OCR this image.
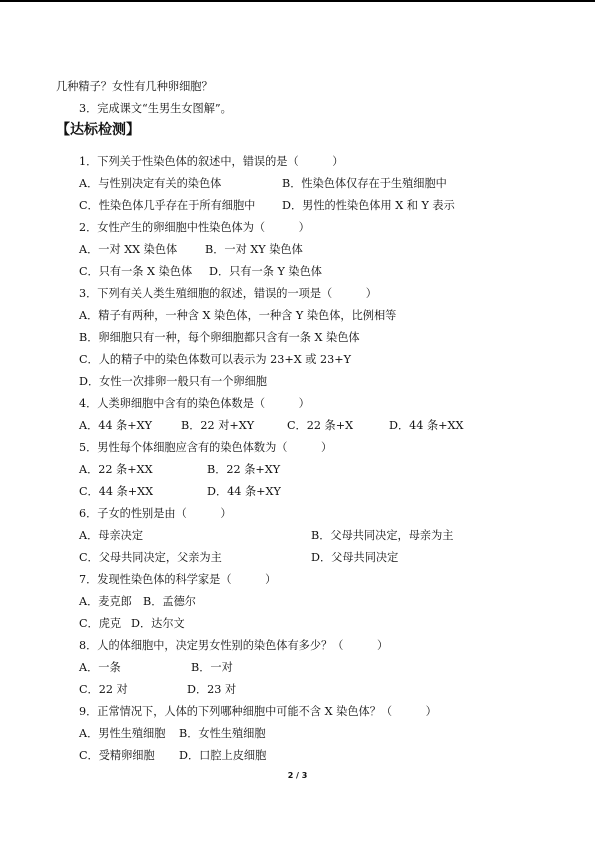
几种精子？女性有几种卵细胞？
3．完成课文“生男生女图解”。
【达标检测】
1．下列关于性染色体的叙述中，错误的是（　　　）
A．与性别决定有关的染色体	B．性染色体仅存在于生殖细胞中
C．性染色体几乎存在于所有细胞中 D．男性的性染色体用 X 和 Y 表示
2．女性产生的卵细胞中性染色体为（　　　）
A．一对 XX 染色体 B．一对 XY 染色体
C．只有一条 X 染色体 D．只有一条 Y 染色体
3．下列有关人类生殖细胞的叙述，错误的一项是（　　　）
A．精子有两种，一种含 X 染色体，一种含 Y 染色体，比例相等
B．卵细胞只有一种，每个卵细胞都只含有一条 X 染色体
C．人的精子中的染色体数可以表示为 23+X 或 23+Y
D．女性一次排卵一般只有一个卵细胞
4．人类卵细胞中含有的染色体数是（　　　）
A．44 条+XY	B．22 对+XY	C．22 条+X	D．44 条+XX
5．男性每个体细胞应含有的染色体数为（　　　）
A．22 条+XX	B．22 条+XY
C．44 条+XX	D．44 条+XY
6．子女的性别是由（　　　）
A．母亲决定	B．父母共同决定，母亲为主
C．父母共同决定，父亲为主	D．父母共同决定
7．发现性染色体的科学家是（　　　）
A．麦克郎 B．孟德尔
C．虎克 D．达尔文
8．人的体细胞中，决定男女性别的染色体有多少？（　　　）
A．一条	B．一对
C．22 对	D．23 对
9．正常情况下，人体的下列哪种细胞中可能不含 X 染色体？（　　　）
A．男性生殖细胞 B．女性生殖细胞
C．受精卵细胞 D．口腔上皮细胞
2 / 3
